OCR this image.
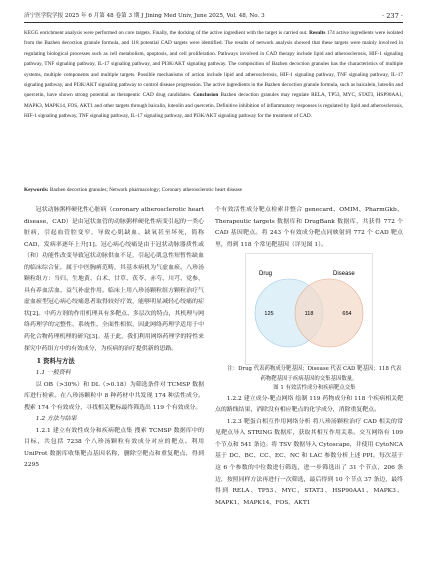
济宁医学院学报 2025 年 6 月第 48 卷第 3 期 J Jining Med Univ, June 2025, Vol. 48, No. 3	· 237 ·
KEGG enrichment analysis were performed on core targets. Finally, the docking of the active ingredient with the target is carried out. Results 174 active ingredients were isolated from the Bazhen decoction granule formula, and 118 potential CAD targets were identified. The results of network analysis showed that these targets were mainly involved in regulating biological processes such as cell metabolism, apoptosis, and cell proliferation. Pathways involved in CAD therapy include lipid and atherosclerosis, HIF-1 signaling pathway, TNF signaling pathway, IL-17 signaling pathway, and PI3K/AKT signaling pathway. The composition of Bazhen decoction granules has the characteristics of multiple systems, multiple components and multiple targets. Possible mechanisms of action include lipid and atherosclerosis, HIF-1 signaling pathway, TNF signaling pathway, IL-17 signaling pathway, and PI3K/AKT signaling pathway to control disease progression. The active ingredients in the Bazhen decoction granule formula, such as baicalein, luteolin and quercetin, have shown strong potential as therapeutic CAD drug candidates. Conclusion Bazhen decoction granules may regulate RELA, TP53, MYC, STAT3, HSP90AA1, MAPK3, MAPK14, FOS, AKT1 and other targets through baicalin, luteolin and quercetin. Definitive inhibition of inflammatory responses is regulated by lipid and atherosclerosis, HIF-1 signaling pathway, TNF signaling pathway, IL-17 signaling pathway, and PI3K/AKT signaling pathway for the treatment of CAD.
Keywords: Bazhen decoction granules; Network pharmacology; Coronary atherosclerotic heart disease

冠状动脉粥样硬化性心脏病（coronary atherosclerotic heart disease，CAD）是由冠状血管的动脉粥样硬化性病变引起的一类心脏病，引起血管腔变窄，导致心肌缺血、缺氧甚至坏死，简称 CAD，发病率逐年上升[1]。冠心病心绞痛是由于冠状动脉器质性或（和）功能性改变导致冠状动脉供血不足，引起心肌急性短暂性缺血的临床综合征，属于中医胸痹范畴，其基本病机为气虚血瘀。八珍汤颗粒组方：当归、生地黄、白术、甘草、茯苓、赤芍、川芎、党参，具有养血活血、益气补虚作用。临床上用八珍汤颗粒组方颗粒治疗气虚血瘀型冠心病心绞痛患者取得较好疗效，能够明显减轻心绞痛的症状[2]。中药方剂的作用机理具有多靶点、多层次的特点，其机理与网络药理学的完整性、系统性、全面性相似，因此网络药理学适用于中药化合物药理机理的研究[3]。基于此，我们利用网络药理学的特性来探究中药组方中的有效成分，为疾病的治疗提供新的思路。

1 资料与方法

1.1 一般资料

以 OB（>30%）和 DL（>0.18）为筛选条件对 TCMSP 数据库进行检索。在八珍汤颗粒中 8 种药材中共发现 174 种活性成分。搜索 174 个有效成分，寻找相关靶标最终筛选出 119 个有效成分。

1.2 方法与结果

1.2.1 建立有效性成分和疾病靶点集 搜索 TCMSP 数据库中的目标，共包括 7238 个八珍汤颗粒有效成分对应的靶点。利用 UniProt 数据库收集靶点基因名称，删除空靶点和重复靶点，得到 2295

个有效活性成分靶点检索并整合 genecard、OMIM、PharmGkb、Therapeutic targets 数据库和 DrugBank 数据库，共获得 772 个 CAD 基因靶点。将 243 个有效成分靶点同映射到 772 个 CAD 靶点里，得到 118 个常见靶基因（详见图 1）。

Drug	Disease
125	118	654

注：Drug 代表药物成分靶基因；Disease 代表 CAD 靶基因；118 代表药物靶基因于疾病基因的交集基因数量。

图 1 有效活性成分和疾病靶点交集

1.2.2 建立成分-靶点网络 绘制 119 药物成分和 118 个疾病相关靶点的路线结果，消除没有相应靶点的化学成分，消除重复靶点。

1.2.3 靶蛋白相互作用网络分析 将八珍汤颗粒治疗 CAD 相关的常见靶点导入 STRING 数据库，获取其相互作用关系。交互网络有 109 个节点和 541 条边。将 TSV 数据导入 Cytoscape，并使用 CytoNCA 基于 DC、BC、CC、EC、NC 和 LAC 参数分析上述 PPI。每次基于这 6 个参数的中位数进行筛选，进一步筛选出了 31 个节点，206 条边，按照同样方法再进行一次筛选，最后得到 10 个节点 37 条边，最终得到 RELA、TP53、MYC、STAT3、HSP90AA1、MAPK3、MAPK1、MAPK14、FOS、AKT1
